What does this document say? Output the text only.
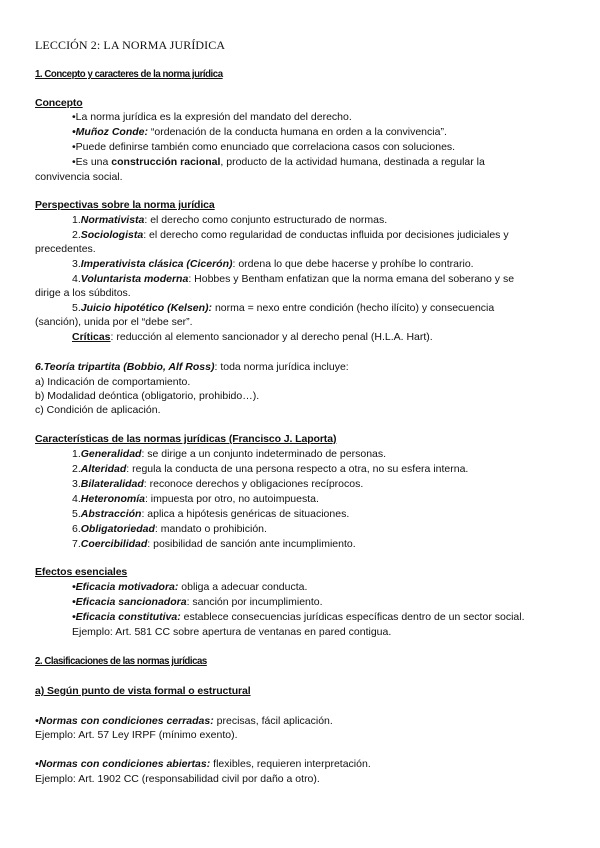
LECCIÓN 2: LA NORMA JURÍDICA
1. Concepto y caracteres de la norma jurídica
Concepto
•La norma jurídica es la expresión del mandato del derecho.
•Muñoz Conde: “ordenación de la conducta humana en orden a la convivencia”.
•Puede definirse también como enunciado que correlaciona casos con soluciones.
•Es una construcción racional, producto de la actividad humana, destinada a regular la
convivencia social.
Perspectivas sobre la norma jurídica
1.Normativista: el derecho como conjunto estructurado de normas.
2.Sociologista: el derecho como regularidad de conductas influida por decisiones judiciales y
precedentes.
3.Imperativista clásica (Cicerón): ordena lo que debe hacerse y prohíbe lo contrario.
4.Voluntarista moderna: Hobbes y Bentham enfatizan que la norma emana del soberano y se
dirige a los súbditos.
5.Juicio hipotético (Kelsen): norma = nexo entre condición (hecho ilícito) y consecuencia
(sanción), unida por el “debe ser”.
Críticas: reducción al elemento sancionador y al derecho penal (H.L.A. Hart).
6.Teoría tripartita (Bobbio, Alf Ross): toda norma jurídica incluye:
a) Indicación de comportamiento.
b) Modalidad deóntica (obligatorio, prohibido…).
c) Condición de aplicación.
Características de las normas jurídicas (Francisco J. Laporta)
1.Generalidad: se dirige a un conjunto indeterminado de personas.
2.Alteridad: regula la conducta de una persona respecto a otra, no su esfera interna.
3.Bilateralidad: reconoce derechos y obligaciones recíprocos.
4.Heteronomía: impuesta por otro, no autoimpuesta.
5.Abstracción: aplica a hipótesis genéricas de situaciones.
6.Obligatoriedad: mandato o prohibición.
7.Coercibilidad: posibilidad de sanción ante incumplimiento.
Efectos esenciales
•Eficacia motivadora: obliga a adecuar conducta.
•Eficacia sancionadora: sanción por incumplimiento.
•Eficacia constitutiva: establece consecuencias jurídicas específicas dentro de un sector social.
Ejemplo: Art. 581 CC sobre apertura de ventanas en pared contigua.
2. Clasificaciones de las normas jurídicas
a) Según punto de vista formal o estructural
•Normas con condiciones cerradas: precisas, fácil aplicación.
Ejemplo: Art. 57 Ley IRPF (mínimo exento).
•Normas con condiciones abiertas: flexibles, requieren interpretación.
Ejemplo: Art. 1902 CC (responsabilidad civil por daño a otro).
